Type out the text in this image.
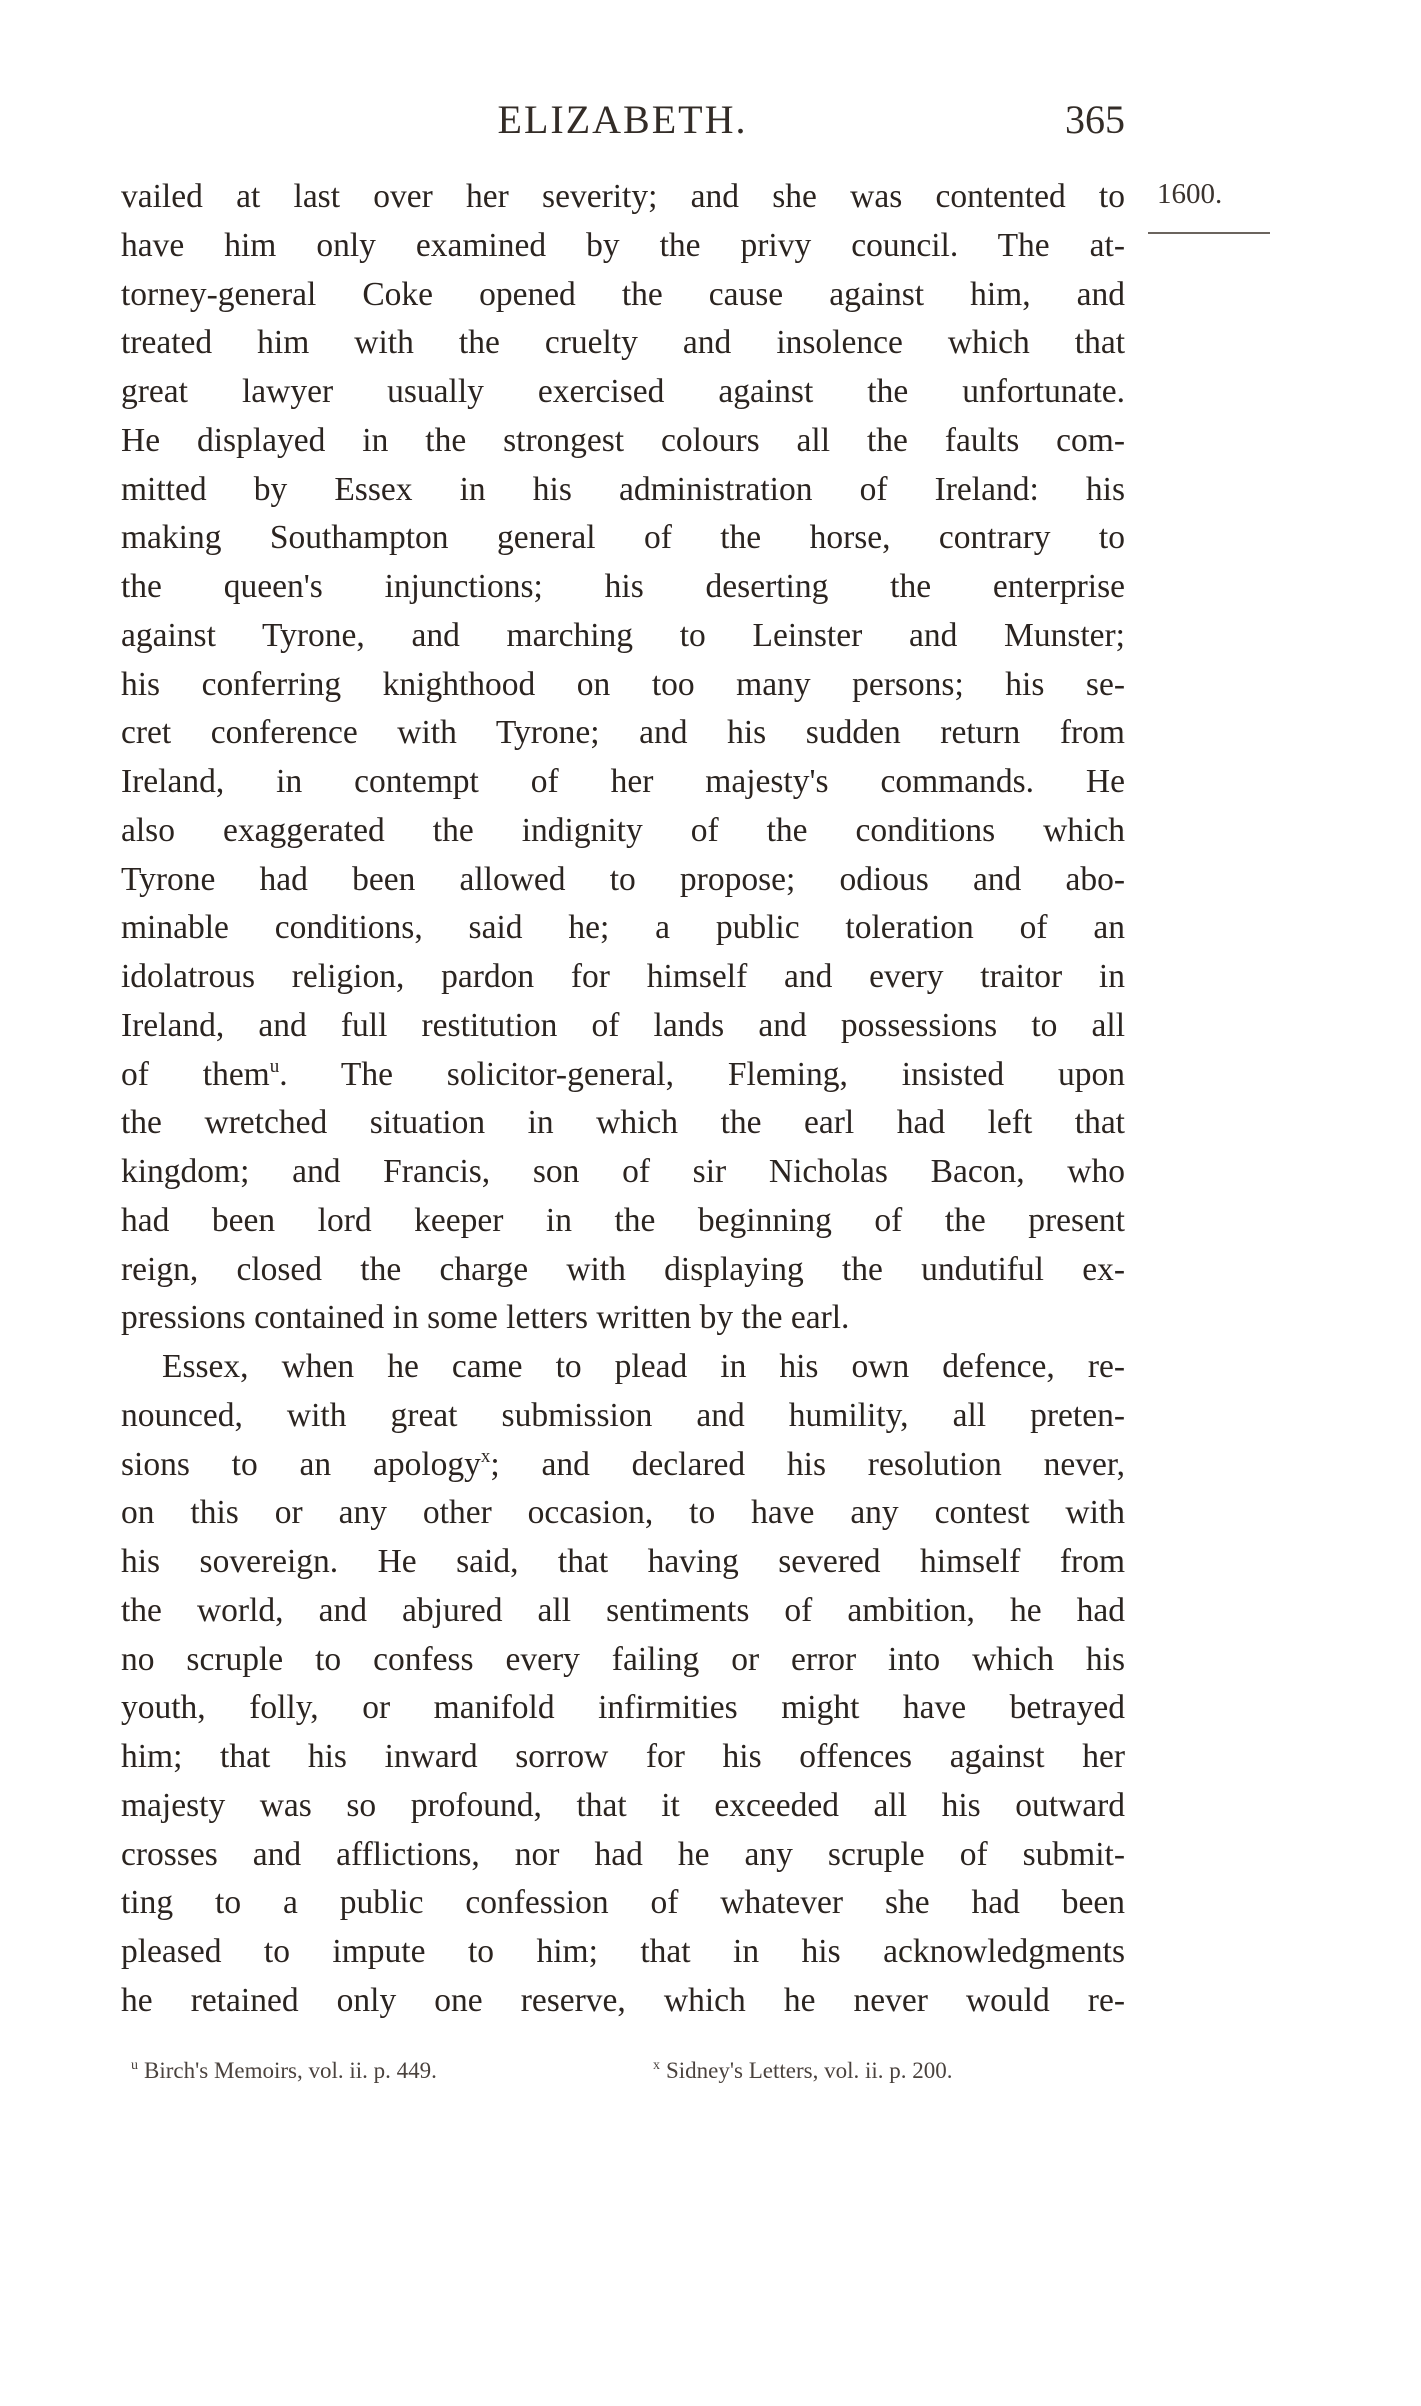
ELIZABETH.	365
1600.
vailed at last over her severity; and she was contented to
have him only examined by the privy council. The at-
torney-general Coke opened the cause against him, and
treated him with the cruelty and insolence which that
great lawyer usually exercised against the unfortunate.
He displayed in the strongest colours all the faults com-
mitted by Essex in his administration of Ireland: his
making Southampton general of the horse, contrary to
the queen's injunctions; his deserting the enterprise
against Tyrone, and marching to Leinster and Munster;
his conferring knighthood on too many persons; his se-
cret conference with Tyrone; and his sudden return from
Ireland, in contempt of her majesty's commands. He
also exaggerated the indignity of the conditions which
Tyrone had been allowed to propose; odious and abo-
minable conditions, said he; a public toleration of an
idolatrous religion, pardon for himself and every traitor in
Ireland, and full restitution of lands and possessions to all
of them$^u$. The solicitor-general, Fleming, insisted upon
the wretched situation in which the earl had left that
kingdom; and Francis, son of sir Nicholas Bacon, who
had been lord keeper in the beginning of the present
reign, closed the charge with displaying the undutiful ex-
pressions contained in some letters written by the earl.
Essex, when he came to plead in his own defence, re-
nounced, with great submission and humility, all preten-
sions to an apology$^x$; and declared his resolution never,
on this or any other occasion, to have any contest with
his sovereign. He said, that having severed himself from
the world, and abjured all sentiments of ambition, he had
no scruple to confess every failing or error into which his
youth, folly, or manifold infirmities might have betrayed
him; that his inward sorrow for his offences against her
majesty was so profound, that it exceeded all his outward
crosses and afflictions, nor had he any scruple of submit-
ting to a public confession of whatever she had been
pleased to impute to him; that in his acknowledgments
he retained only one reserve, which he never would re-
$^u$ Birch's Memoirs, vol. ii. p. 449.	$^x$ Sidney's Letters, vol. ii. p. 200.
